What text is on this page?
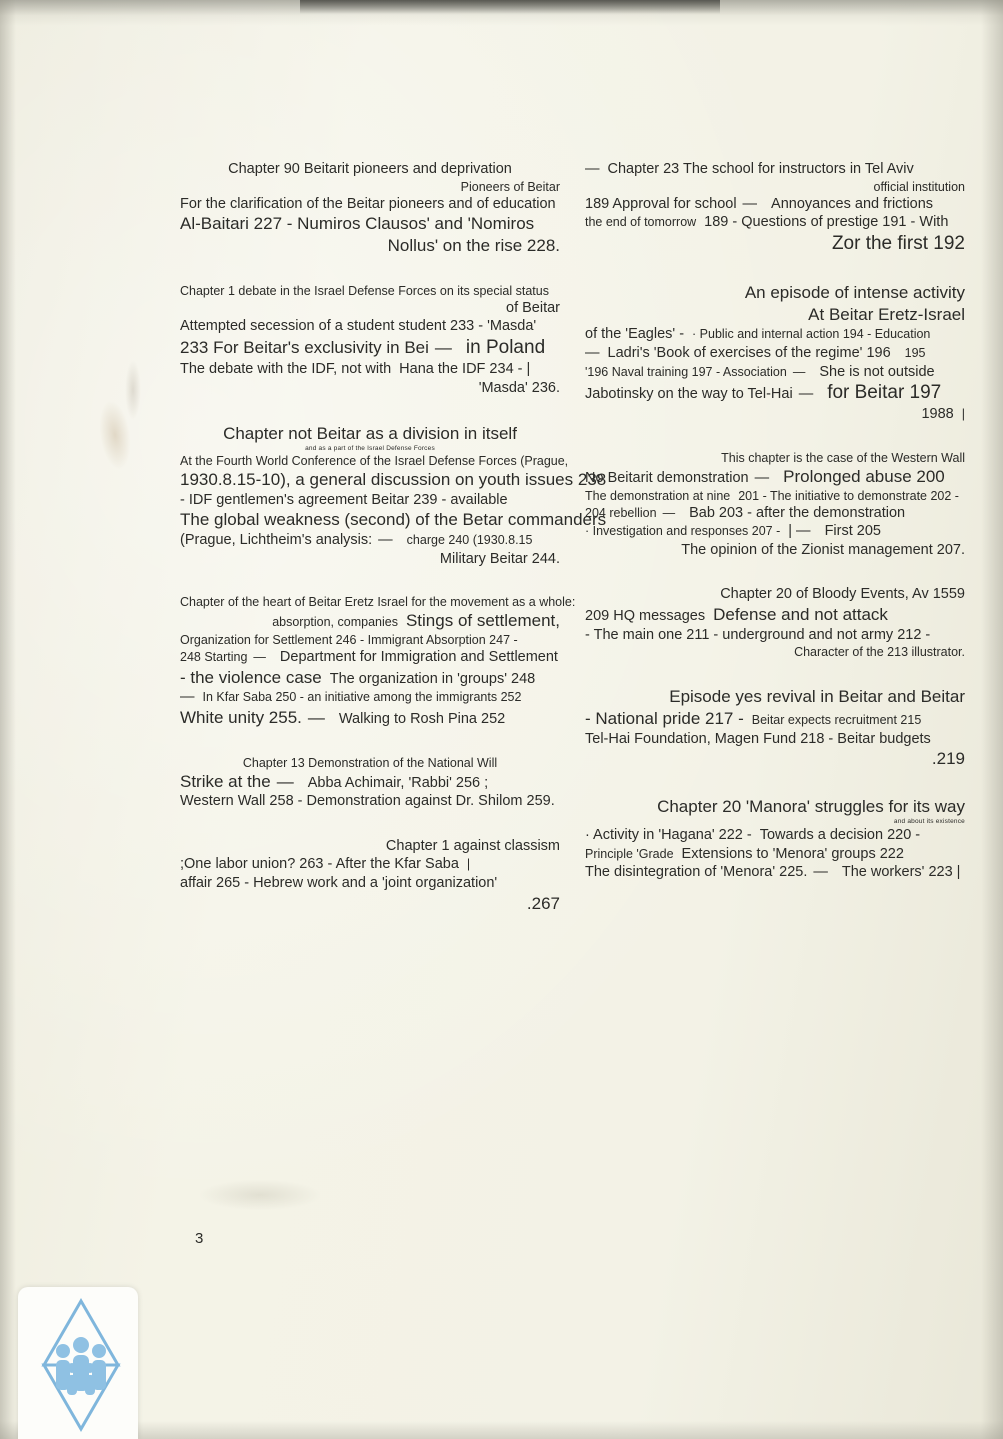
Chapter 90 Beitarit pioneers and deprivation
Pioneers of Beitar
For the clarification of the Beitar pioneers and of education
Al-Baitari 227 - Numiros Clausos' and 'Nomiros
Nollus' on the rise 228.
Chapter 1 debate in the Israel Defense Forces on its special status
of Beitar
Attempted secession of a student student 233 - 'Masda'
233 For Beitar's exclusivity in Bei — in Poland
The debate with the IDF, not with Hana the IDF 234 - |
'Masda' 236.
Chapter not Beitar as a division in itself
and as a part of the Israel Defense Forces
At the Fourth World Conference of the Israel Defense Forces (Prague,
1930.8.15-10), a general discussion on youth issues 238
- IDF gentlemen's agreement Beitar 239 - available
The global weakness (second) of the Betar commanders
(Prague, Lichtheim's analysis: — charge 240 (1930.8.15
Military Beitar 244.
Chapter of the heart of Beitar Eretz Israel for the movement as a whole:
absorption, companies Stings of settlement,
Organization for Settlement 246 - Immigrant Absorption 247 -
248 Starting — Department for Immigration and Settlement
- the violence case The organization in 'groups' 248
— In Kfar Saba 250 - an initiative among the immigrants 252
White unity 255. — Walking to Rosh Pina 252
Chapter 13 Demonstration of the National Will
Strike at the — Abba Achimair, 'Rabbi' 256 ;
Western Wall 258 - Demonstration against Dr. Shilom 259.
Chapter 1 against classism
;One labor union? 263 - After the Kfar Saba |
affair 265 - Hebrew work and a 'joint organization'
.267
— Chapter 23 The school for instructors in Tel Aviv
official institution
189 Approval for school — Annoyances and frictions
the end of tomorrow 189 - Questions of prestige 191 - With
Zor the first 192
An episode of intense activity
At Beitar Eretz-Israel
of the 'Eagles' - · Public and internal action 194 - Education
— Ladri's 'Book of exercises of the regime' 196 195
'196 Naval training 197 - Association — She is not outside
Jabotinsky on the way to Tel-Hai — for Beitar 197
1988 |
This chapter is the case of the Western Wall
No Beitarit demonstration — Prolonged abuse 200
The demonstration at nine 201 - The initiative to demonstrate 202 -
204 rebellion — Bab 203 - after the demonstration
· Investigation and responses 207 - | — First 205
The opinion of the Zionist management 207.
Chapter 20 of Bloody Events, Av 1559
209 HQ messages Defense and not attack
- The main one 211 - underground and not army 212 -
Character of the 213 illustrator.
Episode yes revival in Beitar and Beitar
- National pride 217 - Beitar expects recruitment 215
Tel-Hai Foundation, Magen Fund 218 - Beitar budgets
.219
Chapter 20 'Manora' struggles for its way
and about its existence
· Activity in 'Hagana' 222 - Towards a decision 220 -
Principle 'Grade Extensions to 'Menora' groups 222
The disintegration of 'Menora' 225. — The workers' 223 |
3
